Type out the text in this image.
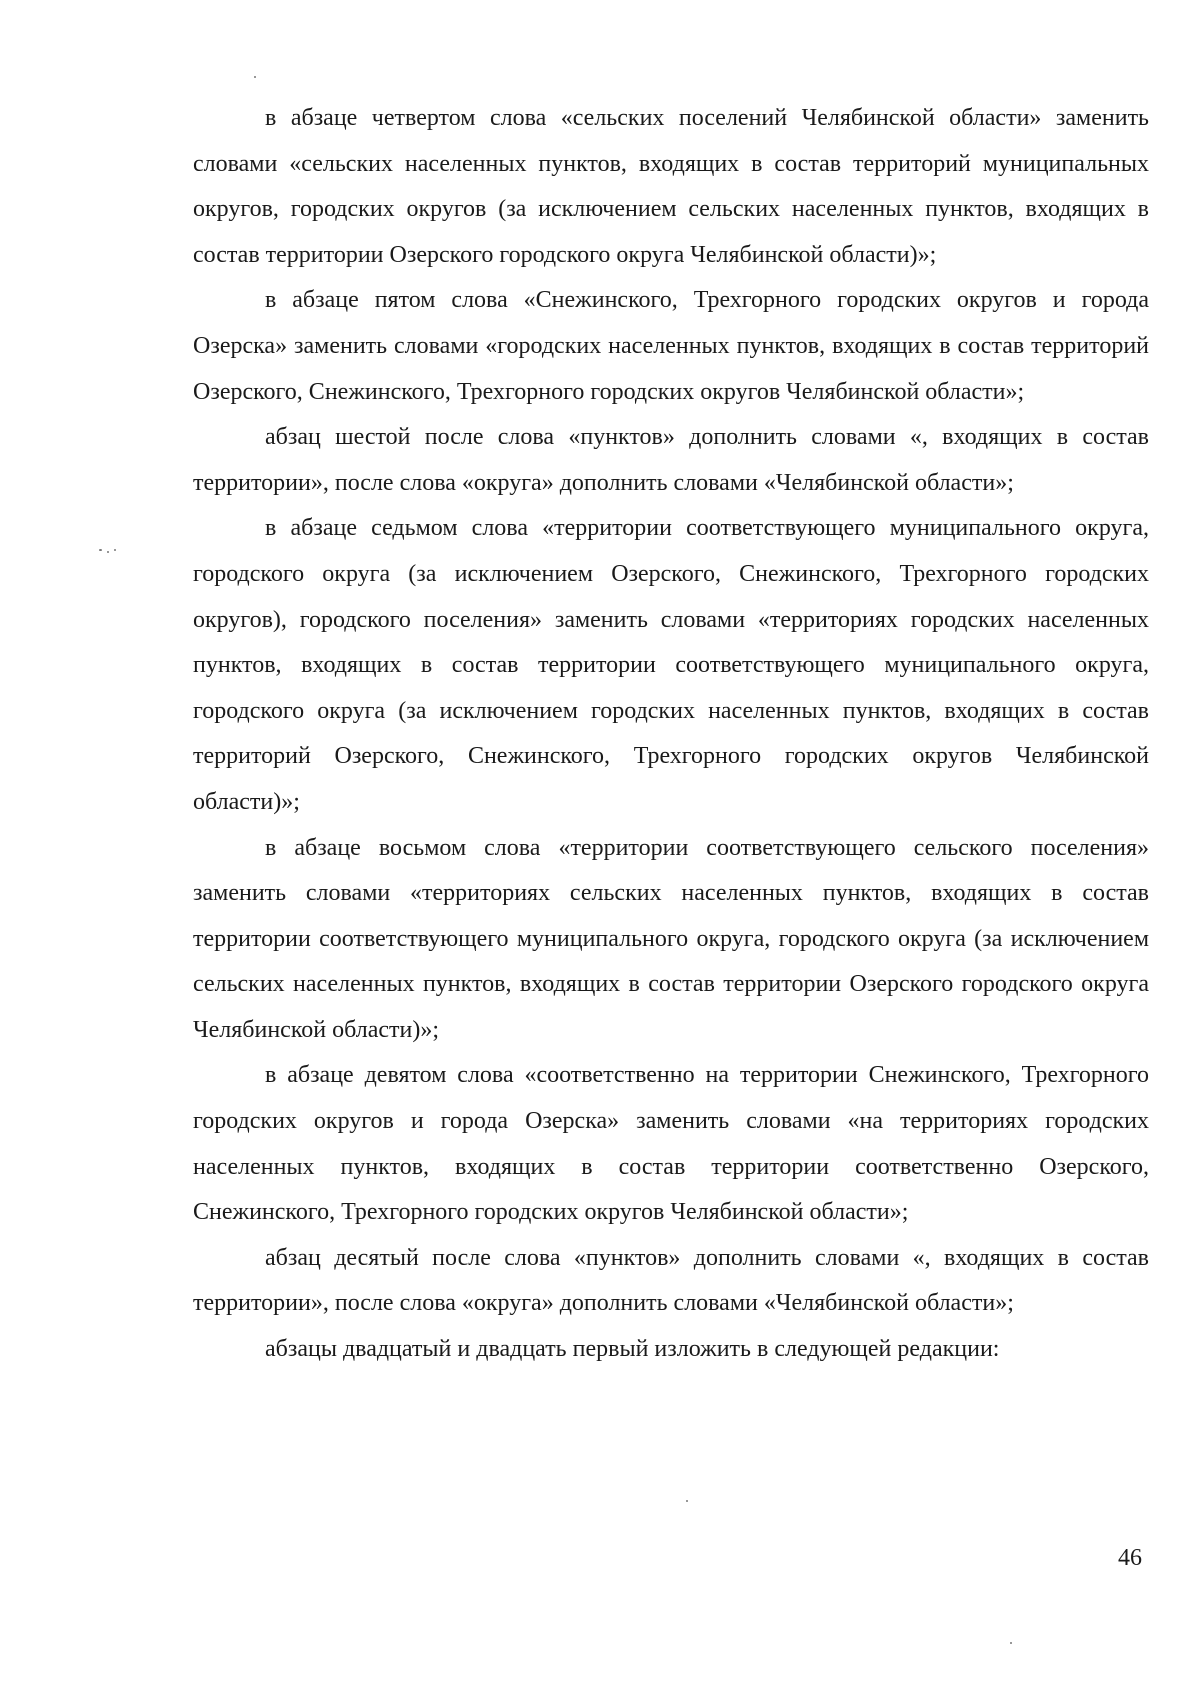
в абзаце четвертом слова «сельских поселений Челябинской области» заменить словами «сельских населенных пунктов, входящих в состав территорий муниципальных округов, городских округов (за исключением сельских населенных пунктов, входящих в состав территории Озерского городского округа Челябинской области)»;

в абзаце пятом слова «Снежинского, Трехгорного городских округов и города Озерска» заменить словами «городских населенных пунктов, входящих в состав территорий Озерского, Снежинского, Трехгорного городских округов Челябинской области»;

абзац шестой после слова «пунктов» дополнить словами «, входящих в состав территории», после слова «округа» дополнить словами «Челябинской области»;

в абзаце седьмом слова «территории соответствующего муниципального округа, городского округа (за исключением Озерского, Снежинского, Трехгорного городских округов), городского поселения» заменить словами «территориях городских населенных пунктов, входящих в состав территории соответствующего муниципального округа, городского округа (за исключением городских населенных пунктов, входящих в состав территорий Озерского, Снежинского, Трехгорного городских округов Челябинской области)»;

в абзаце восьмом слова «территории соответствующего сельского поселения» заменить словами «территориях сельских населенных пунктов, входящих в состав территории соответствующего муниципального округа, городского округа (за исключением сельских населенных пунктов, входящих в состав территории Озерского городского округа Челябинской области)»;

в абзаце девятом слова «соответственно на территории Снежинского, Трехгорного городских округов и города Озерска» заменить словами «на территориях городских населенных пунктов, входящих в состав территории соответственно Озерского, Снежинского, Трехгорного городских округов Челябинской области»;

абзац десятый после слова «пунктов» дополнить словами «, входящих в состав территории», после слова «округа» дополнить словами «Челябинской области»;

абзацы двадцатый и двадцать первый изложить в следующей редакции:

46
